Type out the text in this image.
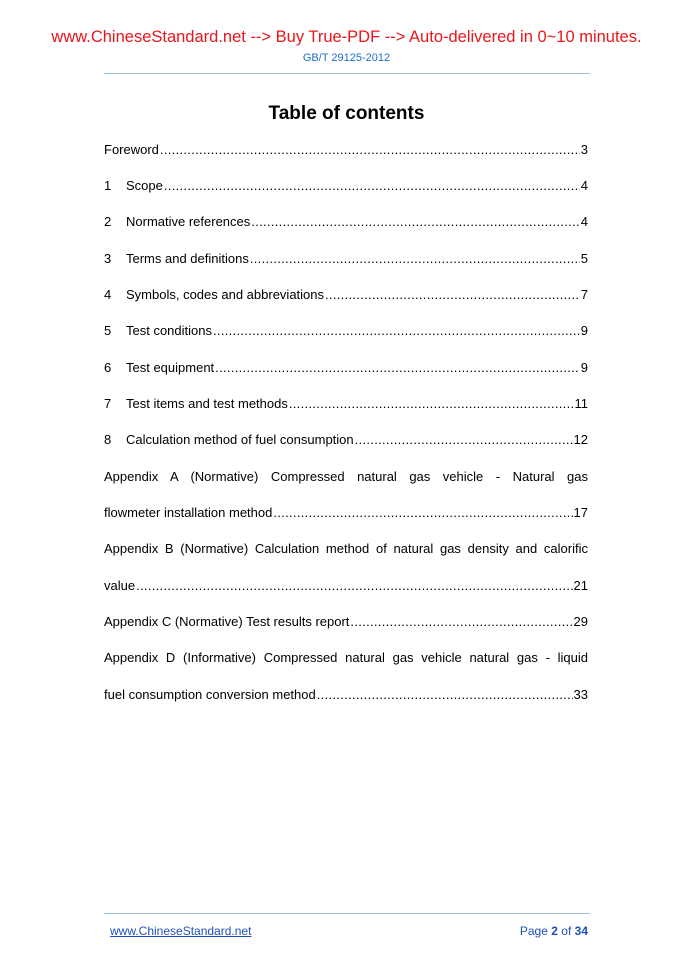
www.ChineseStandard.net --> Buy True-PDF --> Auto-delivered in 0~10 minutes.
GB/T 29125-2012
Table of contents
Foreword .....	3
1	Scope .....	4
2	Normative references .....	4
3	Terms and definitions .....	5
4	Symbols, codes and abbreviations .....	7
5	Test conditions .....	9
6	Test equipment .....	9
7	Test items and test methods .....	11
8	Calculation method of fuel consumption .....	12
Appendix A (Normative) Compressed natural gas vehicle - Natural gas
flowmeter installation method .....	17
Appendix B (Normative) Calculation method of natural gas density and calorific
value .....	21
Appendix C (Normative) Test results report .....	29
Appendix D (Informative) Compressed natural gas vehicle natural gas - liquid
fuel consumption conversion method .....	33
www.ChineseStandard.net	Page 2 of 34
